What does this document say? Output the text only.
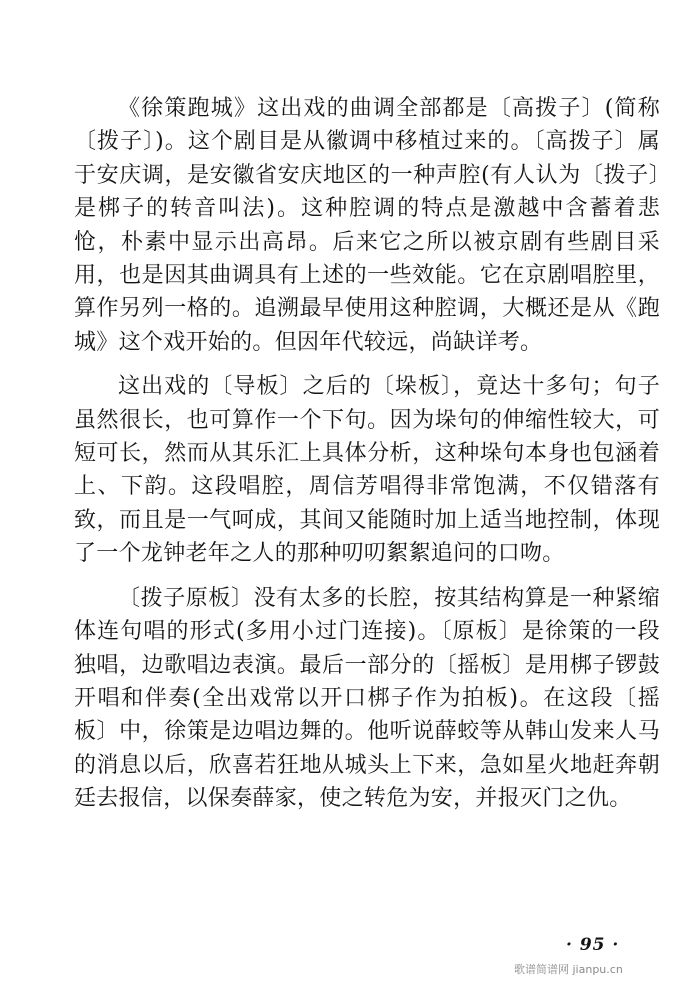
《徐策跑城》这出戏的曲调全部都是〔高拨子〕(简称〔拨子〕)。这个剧目是从徽调中移植过来的。〔高拨子〕属于安庆调，是安徽省安庆地区的一种声腔(有人认为〔拨子〕是梆子的转音叫法)。这种腔调的特点是激越中含蓄着悲怆，朴素中显示出高昂。后来它之所以被京剧有些剧目采用，也是因其曲调具有上述的一些效能。它在京剧唱腔里，算作另列一格的。追溯最早使用这种腔调，大概还是从《跑城》这个戏开始的。但因年代较远，尚缺详考。

这出戏的〔导板〕之后的〔垛板〕，竟达十多句；句子虽然很长，也可算作一个下句。因为垛句的伸缩性较大，可短可长，然而从其乐汇上具体分析，这种垛句本身也包涵着上、下韵。这段唱腔，周信芳唱得非常饱满，不仅错落有致，而且是一气呵成，其间又能随时加上适当地控制，体现了一个龙钟老年之人的那种叨叨絮絮追问的口吻。

〔拨子原板〕没有太多的长腔，按其结构算是一种紧缩体连句唱的形式(多用小过门连接)。〔原板〕是徐策的一段独唱，边歌唱边表演。最后一部分的〔摇板〕是用梆子锣鼓开唱和伴奏(全出戏常以开口梆子作为拍板)。在这段〔摇板〕中，徐策是边唱边舞的。他听说薛蛟等从韩山发来人马的消息以后，欣喜若狂地从城头上下来，急如星火地赶奔朝廷去报信，以保奏薛家，使之转危为安，并报灭门之仇。

· 95 ·
歌谱简谱网 jianpu.cn
